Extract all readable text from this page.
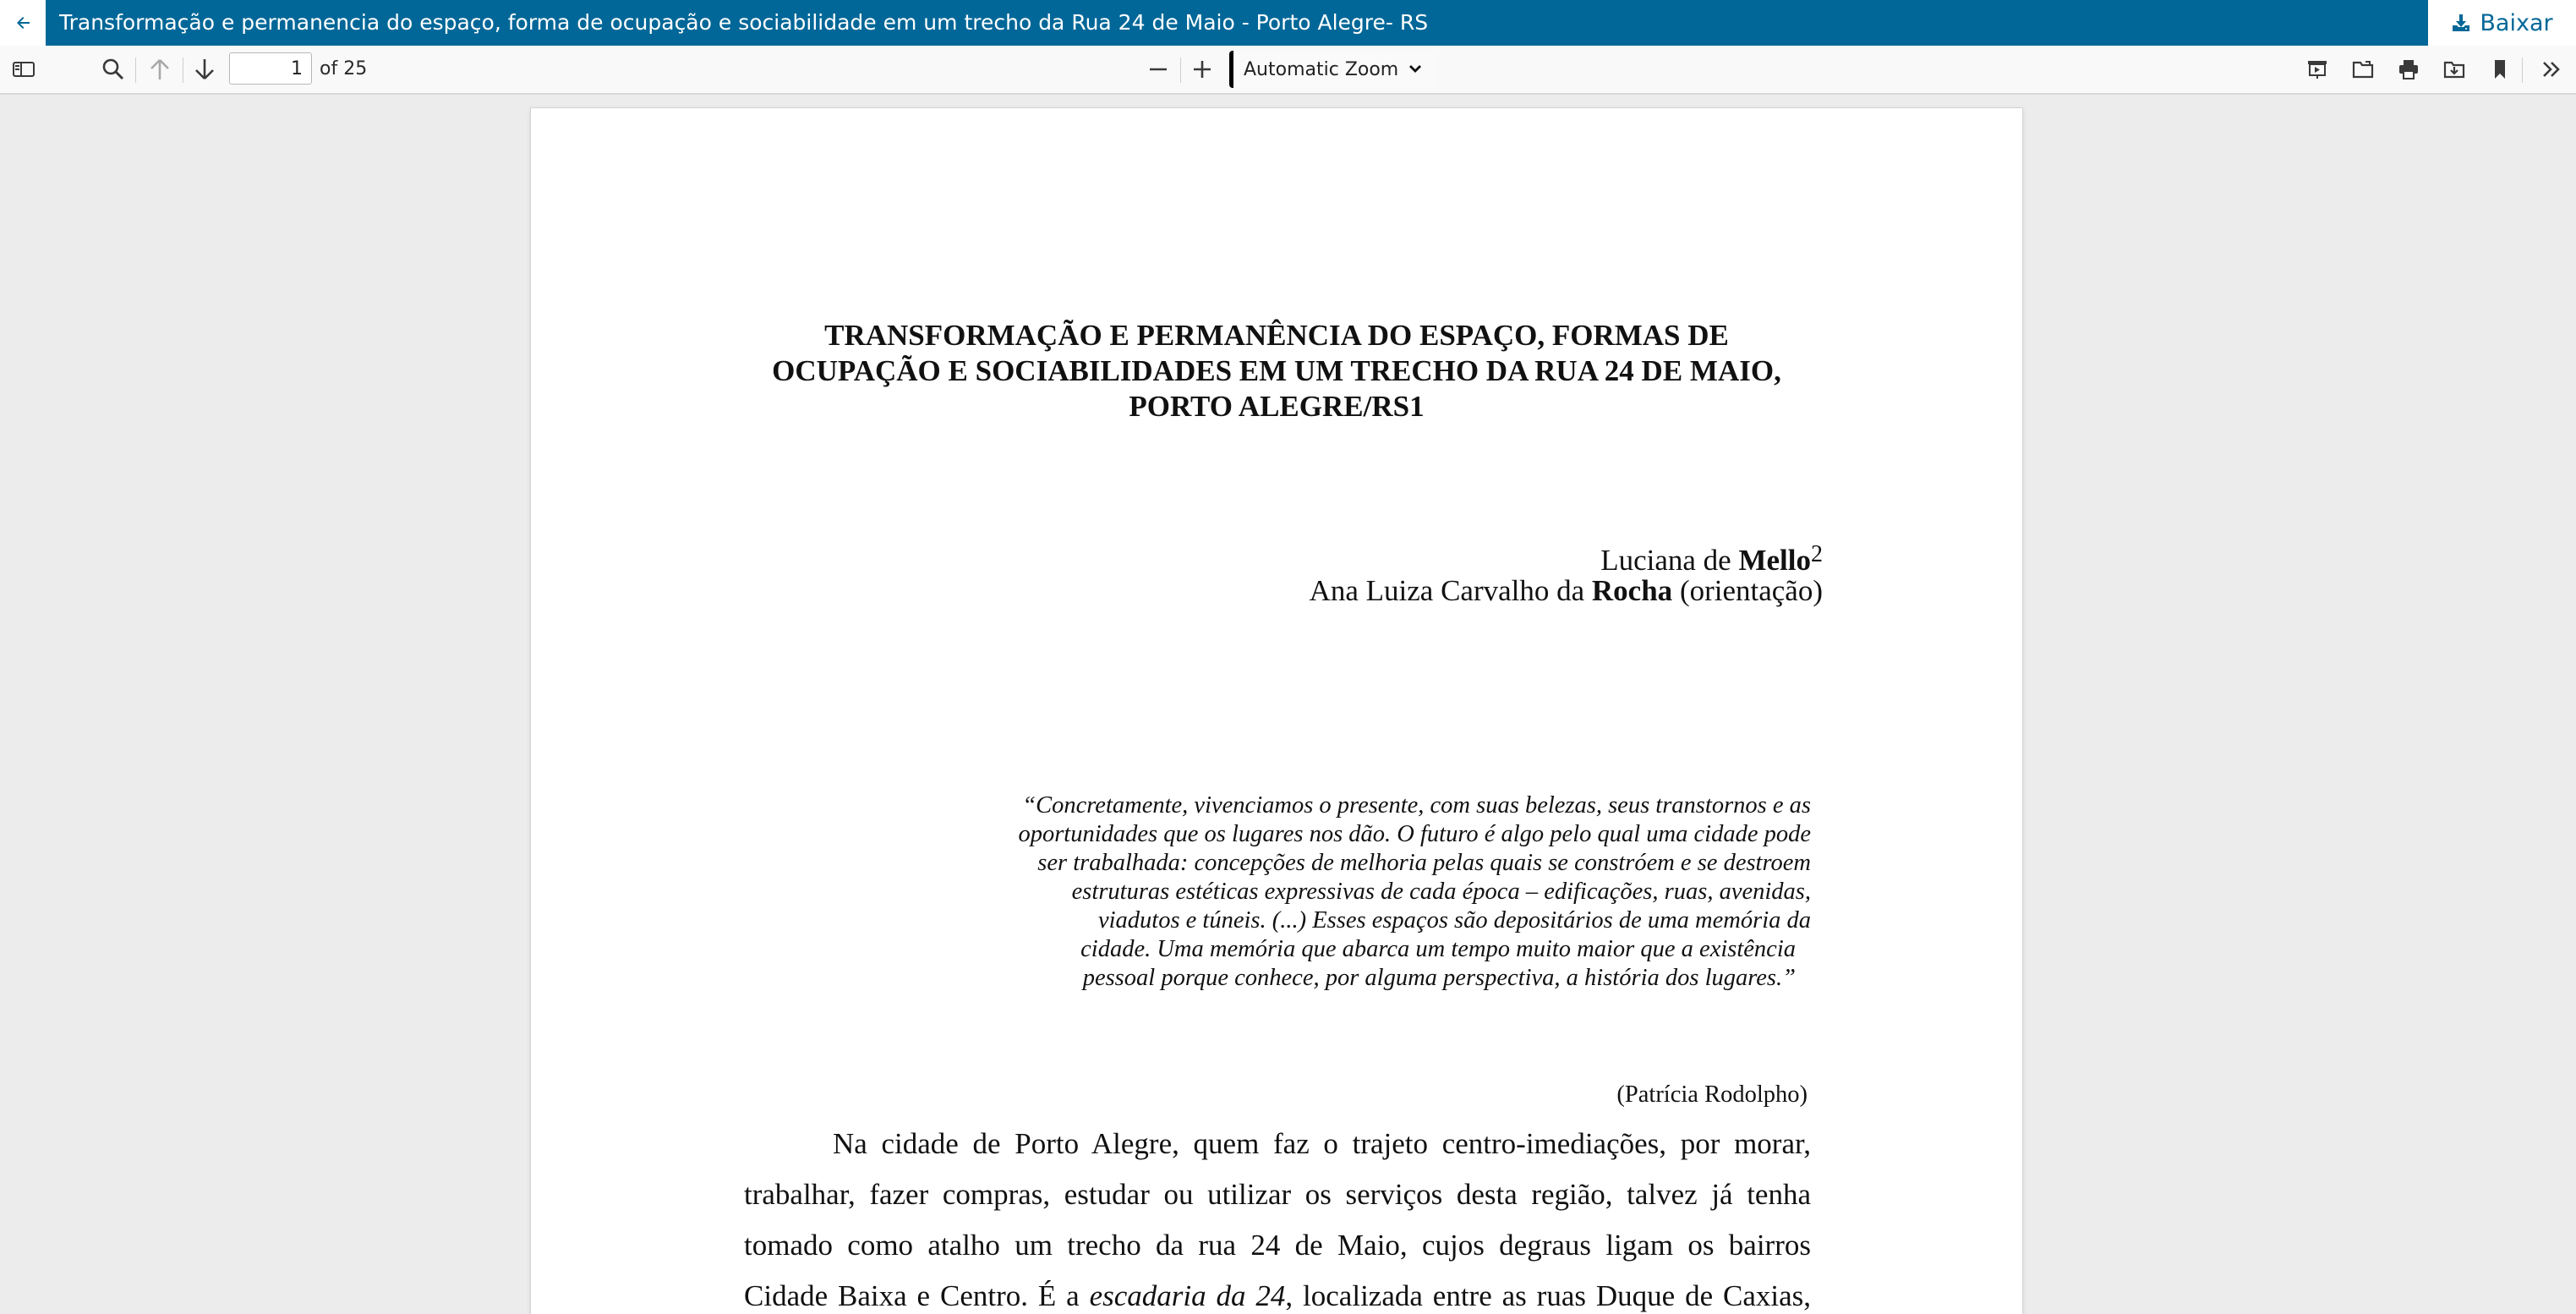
Transformação e permanencia do espaço, forma de ocupação e sociabilidade em um trecho da Rua 24 de Maio - Porto Alegre- RS	Baixar
1
of 25	Automatic Zoom
TRANSFORMAÇÃO E PERMANÊNCIA DO ESPAÇO, FORMAS DE
OCUPAÇÃO E SOCIABILIDADES EM UM TRECHO DA RUA 24 DE MAIO,
PORTO ALEGRE/RS1
Luciana de Mello$^2$
Ana Luiza Carvalho da Rocha (orientação)
“Concretamente, vivenciamos o presente, com suas belezas, seus transtornos e as
oportunidades que os lugares nos dão. O futuro é algo pelo qual uma cidade pode
ser trabalhada: concepções de melhoria pelas quais se constróem e se destroem
estruturas estéticas expressivas de cada época – edificações, ruas, avenidas,
viadutos e túneis. (...) Esses espaços são depositários de uma memória da
cidade. Uma memória que abarca um tempo muito maior que a existência
pessoal porque conhece, por alguma perspectiva, a história dos lugares.”
(Patrícia Rodolpho)
Na cidade de Porto Alegre, quem faz o trajeto centro-imediações, por morar,
trabalhar, fazer compras, estudar ou utilizar os serviços desta região, talvez já tenha
tomado como atalho um trecho da rua 24 de Maio, cujos degraus ligam os bairros
Cidade Baixa e Centro. É a escadaria da 24, localizada entre as ruas Duque de Caxias,
